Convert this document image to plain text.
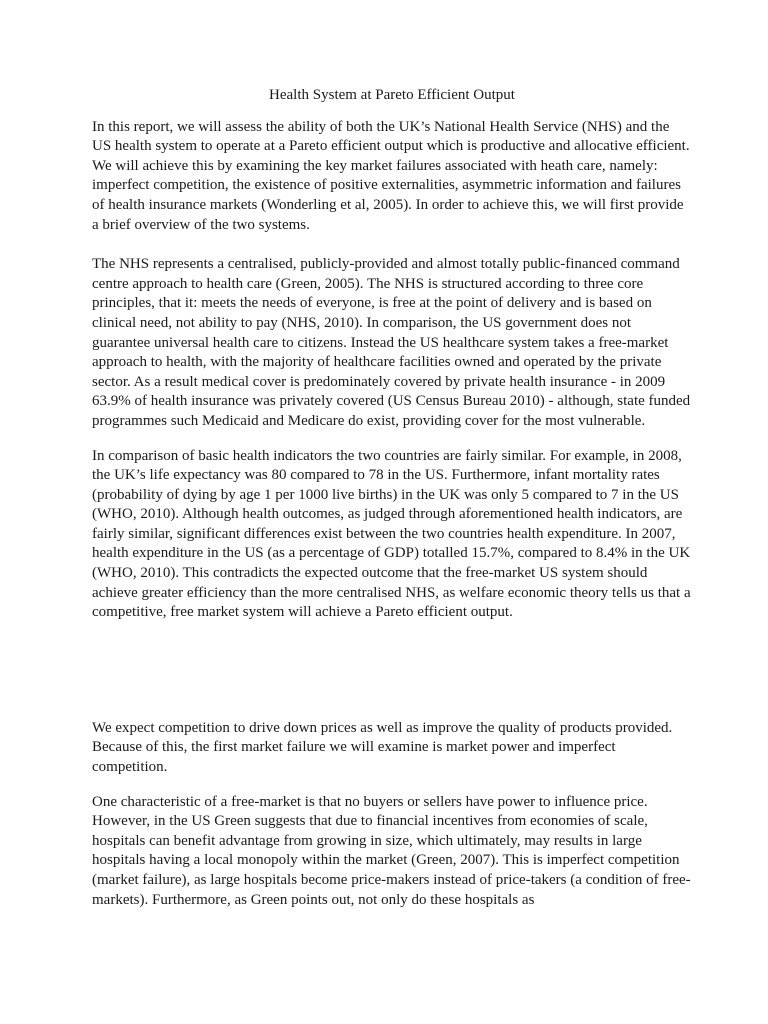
Health System at Pareto Efficient Output

In this report, we will assess the ability of both the UK’s National Health Service (NHS) and the US health system to operate at a Pareto efficient output which is productive and allocative efficient. We will achieve this by examining the key market failures associated with heath care, namely: imperfect competition, the existence of positive externalities, asymmetric information and failures of health insurance markets (Wonderling et al, 2005). In order to achieve this, we will first provide a brief overview of the two systems.

The NHS represents a centralised, publicly-provided and almost totally public-financed command centre approach to health care (Green, 2005). The NHS is structured according to three core principles, that it: meets the needs of everyone, is free at the point of delivery and is based on clinical need, not ability to pay (NHS, 2010). In comparison, the US government does not guarantee universal health care to citizens. Instead the US healthcare system takes a free-market approach to health, with the majority of healthcare facilities owned and operated by the private sector. As a result medical cover is predominately covered by private health insurance - in 2009 63.9% of health insurance was privately covered (US Census Bureau 2010) - although, state funded programmes such Medicaid and Medicare do exist, providing cover for the most vulnerable.

In comparison of basic health indicators the two countries are fairly similar. For example, in 2008, the UK’s life expectancy was 80 compared to 78 in the US. Furthermore, infant mortality rates (probability of dying by age 1 per 1000 live births) in the UK was only 5 compared to 7 in the US (WHO, 2010). Although health outcomes, as judged through aforementioned health indicators, are fairly similar, significant differences exist between the two countries health expenditure. In 2007, health expenditure in the US (as a percentage of GDP) totalled 15.7%, compared to 8.4% in the UK (WHO, 2010). This contradicts the expected outcome that the free-market US system should achieve greater efficiency than the more centralised NHS, as welfare economic theory tells us that a competitive, free market system will achieve a Pareto efficient output.

We expect competition to drive down prices as well as improve the quality of products provided. Because of this, the first market failure we will examine is market power and imperfect competition.

One characteristic of a free-market is that no buyers or sellers have power to influence price. However, in the US Green suggests that due to financial incentives from economies of scale, hospitals can benefit advantage from growing in size, which ultimately, may results in large hospitals having a local monopoly within the market (Green, 2007). This is imperfect competition (market failure), as large hospitals become price-makers instead of price-takers (a condition of free-markets). Furthermore, as Green points out, not only do these hospitals as
